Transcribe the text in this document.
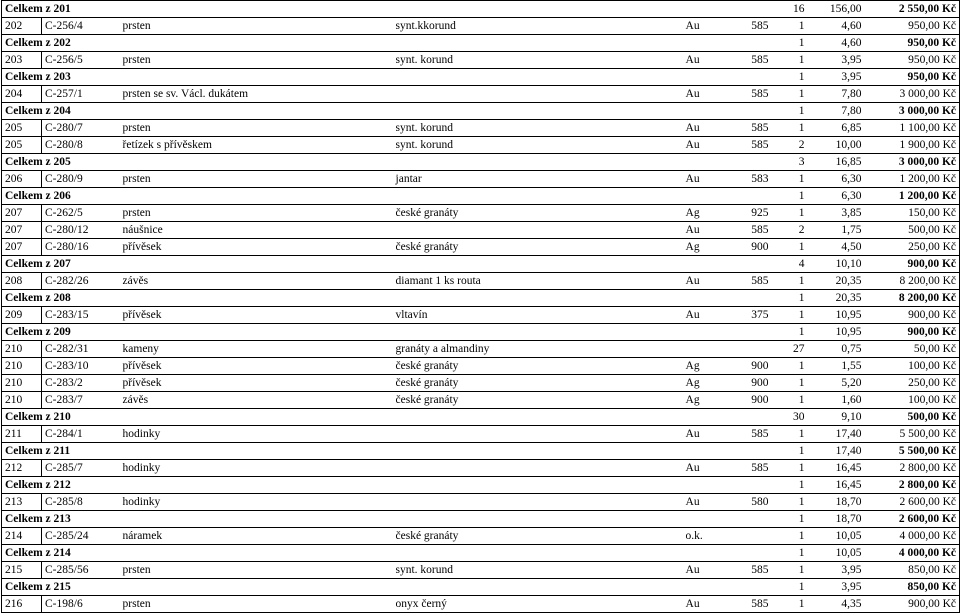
Celkem z 201						16	156,00	2 550,00 Kč
202	C-256/4	prsten	synt.kkorund	Au	585	1	4,60	950,00 Kč
Celkem z 202						1	4,60	950,00 Kč
203	C-256/5	prsten	synt. korund	Au	585	1	3,95	950,00 Kč
Celkem z 203						1	3,95	950,00 Kč
204	C-257/1	prsten se sv. Václ. dukátem		Au	585	1	7,80	3 000,00 Kč
Celkem z 204						1	7,80	3 000,00 Kč
205	C-280/7	prsten	synt. korund	Au	585	1	6,85	1 100,00 Kč
205	C-280/8	řetízek s přívěskem	synt. korund	Au	585	2	10,00	1 900,00 Kč
Celkem z 205						3	16,85	3 000,00 Kč
206	C-280/9	prsten	jantar	Au	583	1	6,30	1 200,00 Kč
Celkem z 206						1	6,30	1 200,00 Kč
207	C-262/5	prsten	české granáty	Ag	925	1	3,85	150,00 Kč
207	C-280/12	náušnice		Au	585	2	1,75	500,00 Kč
207	C-280/16	přívěsek	české granáty	Ag	900	1	4,50	250,00 Kč
Celkem z 207						4	10,10	900,00 Kč
208	C-282/26	závěs	diamant 1 ks routa	Au	585	1	20,35	8 200,00 Kč
Celkem z 208						1	20,35	8 200,00 Kč
209	C-283/15	přívěsek	vltavín	Au	375	1	10,95	900,00 Kč
Celkem z 209						1	10,95	900,00 Kč
210	C-282/31	kameny	granáty a almandiny			27	0,75	50,00 Kč
210	C-283/10	přívěsek	české granáty	Ag	900	1	1,55	100,00 Kč
210	C-283/2	přívěsek	české granáty	Ag	900	1	5,20	250,00 Kč
210	C-283/7	závěs	české granáty	Ag	900	1	1,60	100,00 Kč
Celkem z 210						30	9,10	500,00 Kč
211	C-284/1	hodinky		Au	585	1	17,40	5 500,00 Kč
Celkem z 211						1	17,40	5 500,00 Kč
212	C-285/7	hodinky		Au	585	1	16,45	2 800,00 Kč
Celkem z 212						1	16,45	2 800,00 Kč
213	C-285/8	hodinky		Au	580	1	18,70	2 600,00 Kč
Celkem z 213						1	18,70	2 600,00 Kč
214	C-285/24	náramek	české granáty	o.k.		1	10,05	4 000,00 Kč
Celkem z 214						1	10,05	4 000,00 Kč
215	C-285/56	prsten	synt. korund	Au	585	1	3,95	850,00 Kč
Celkem z 215						1	3,95	850,00 Kč
216	C-198/6	prsten	onyx černý	Au	585	1	4,35	900,00 Kč
